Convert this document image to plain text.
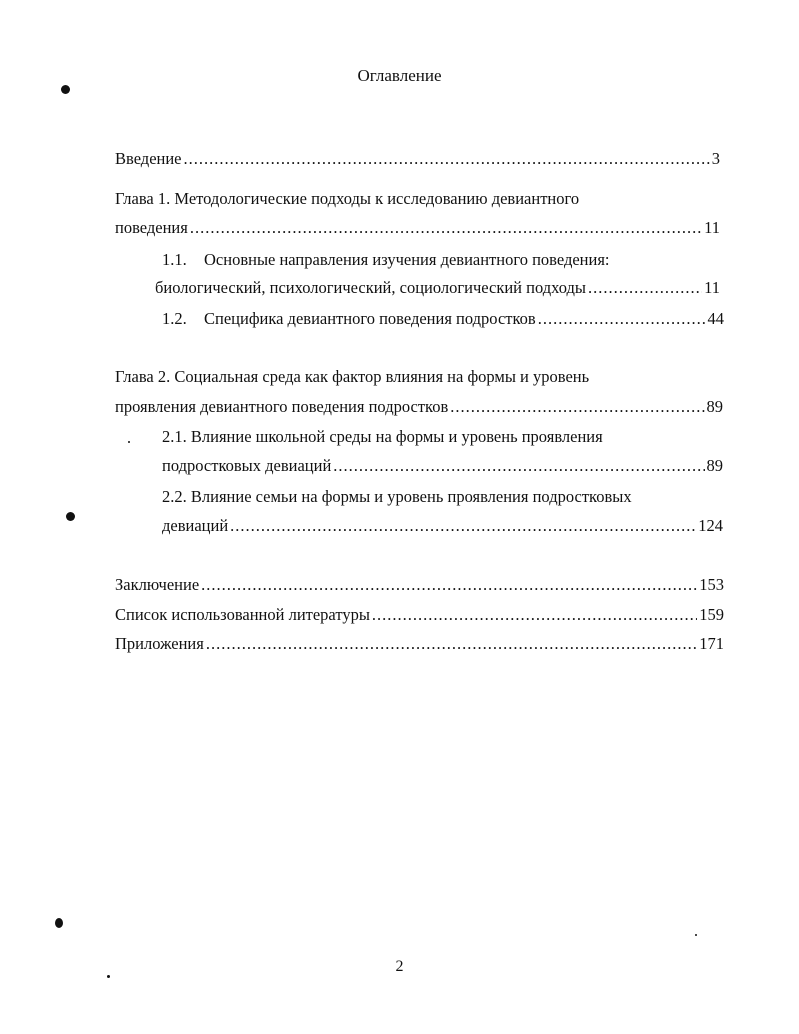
Оглавление
Введение .....	3
Глава 1. Методологические подходы к исследованию девиантного
поведения .....	11
1.1. Основные направления изучения девиантного поведения:
биологический, психологический, социологический подходы .....	11
1.2. Специфика девиантного поведения подростков .....	44
Глава 2. Социальная среда как фактор влияния на формы и уровень
проявления девиантного поведения подростков .....	89
2.1. Влияние школьной среды на формы и уровень проявления
подростковых девиаций .....	89
2.2. Влияние семьи на формы и уровень проявления подростковых
девиаций .....	124
Заключение .....	153
Список использованной литературы .....	159
Приложения .....	171
2
